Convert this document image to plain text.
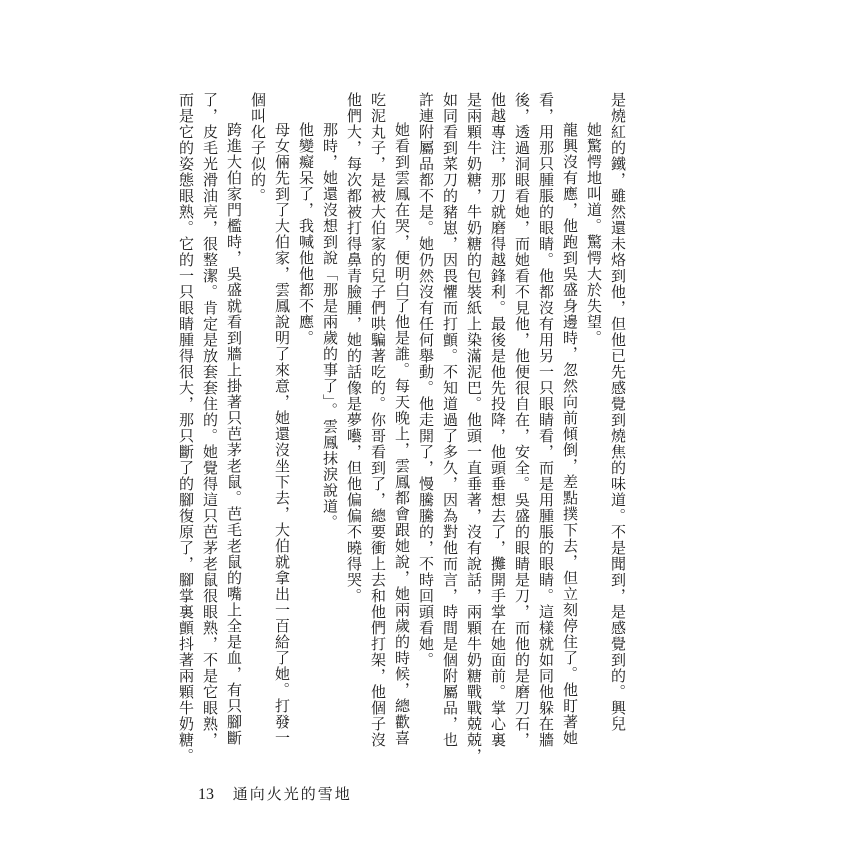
是燒紅的鐵，雖然還未烙到他，但他已先感覺到燒焦的味道。不是聞到，是感覺到的。興兒

她驚愕地叫道。驚愕大於失望。

龍興沒有應，他跑到吳盛身邊時，忽然向前傾倒，差點撲下去，但立刻停住了。他盯著她

看，用那只腫脹的眼睛。他都沒有用另一只眼睛看，而是用腫脹的眼睛。這樣就如同他躲在牆

後，透過洞眼看她，而她看不見他，他便很自在，安全。吳盛的眼睛是刀，而他的是磨刀石，

他越專注，那刀就磨得越鋒利。最後是他先投降，他頭垂想去了，攤開手掌在她面前。掌心裏

是兩顆牛奶糖，牛奶糖的包裝紙上染滿泥巴。他頭一直垂著，沒有說話，兩顆牛奶糖戰戰兢兢，

如同看到菜刀的豬崽，因畏懼而打顫。不知道過了多久，因為對他而言，時間是個附屬品，也

許連附屬品都不是。她仍然沒有任何舉動。他走開了，慢騰騰的，不時回頭看她。

她看到雲鳳在哭，便明白了他是誰。每天晚上，雲鳳都會跟她說，她兩歲的時候，總歡喜

吃泥丸子，是被大伯家的兒子們哄騙著吃的。你哥看到了，總要衝上去和他們打架，他個子沒

他們大，每次都被打得鼻青臉腫，她的話像是夢囈，但他偏偏不曉得哭。

那時，她還沒想到說「那是兩歲的事了」。雲鳳抹淚說道。

他變癡呆了，我喊他他都不應。

母女倆先到了大伯家，雲鳳說明了來意，她還沒坐下去，大伯就拿出一百給了她。打發一

個叫化子似的。

跨進大伯家門檻時，吳盛就看到牆上掛著只芭茅老鼠。芭毛老鼠的嘴上全是血，有只腳斷

了，皮毛光滑油亮，很整潔。肯定是放套套住的。她覺得這只芭茅老鼠很眼熟，不是它眼熟，

而是它的姿態眼熟。它的一只眼睛腫得很大，那只斷了的腳復原了，腳掌裏顫抖著兩顆牛奶糖。

13 通向火光的雪地
